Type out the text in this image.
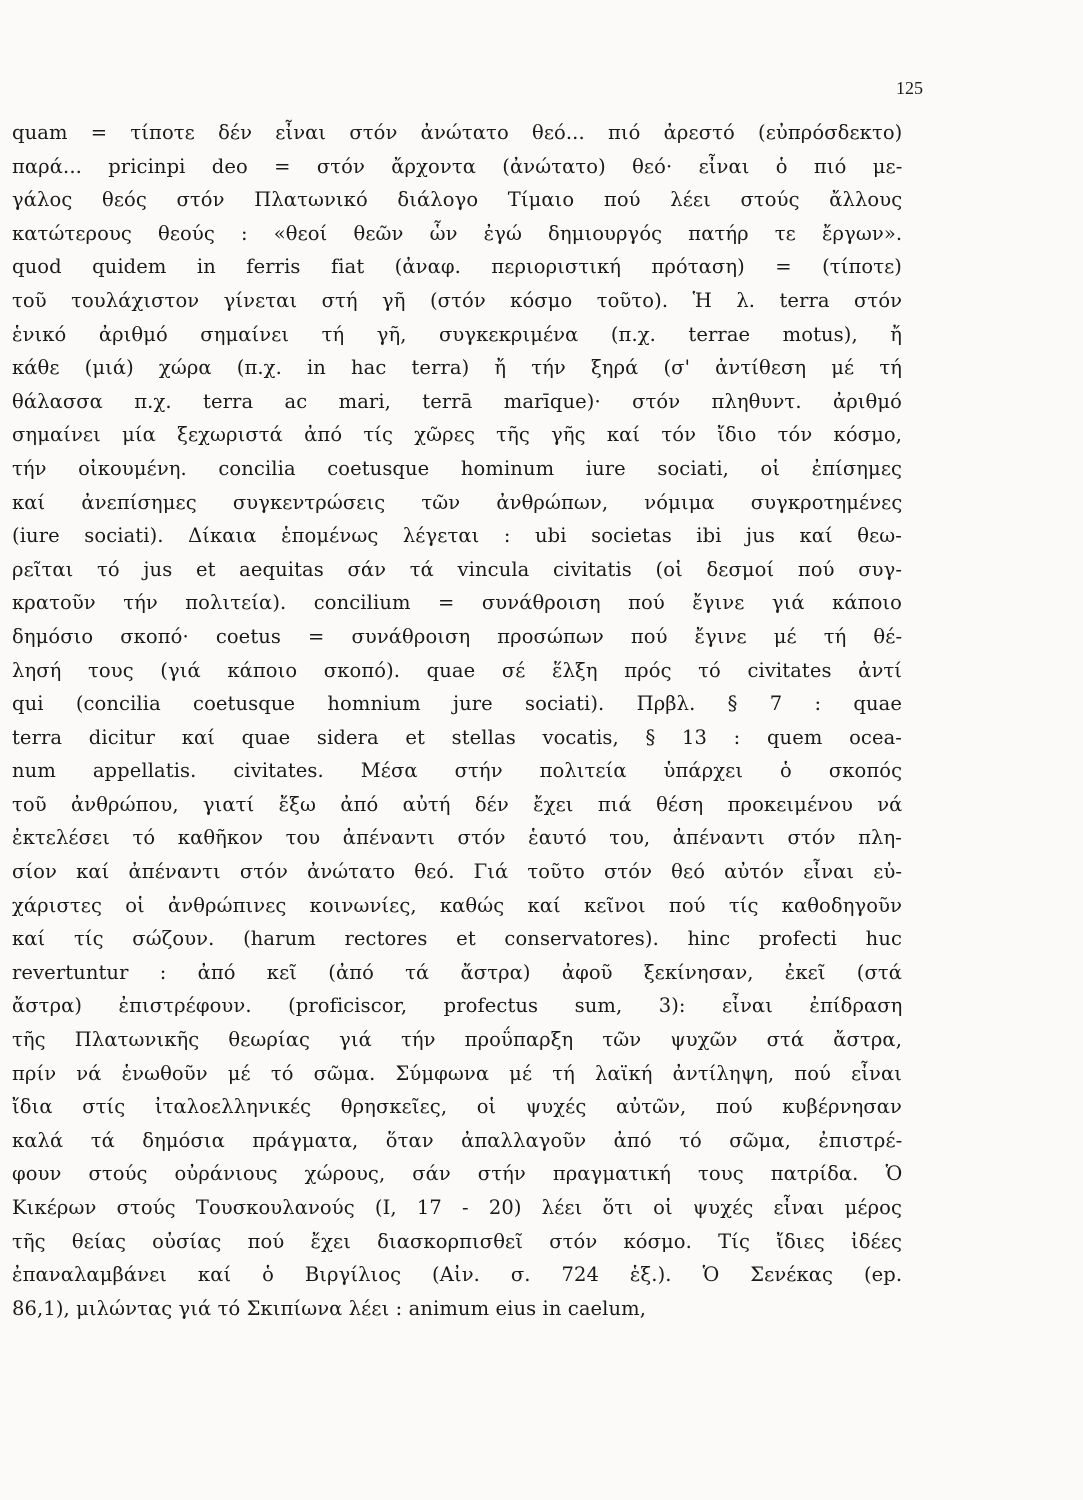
125
quam = τίποτε δέν εἶναι στόν ἀνώτατο θεό... πιό ἀρεστό (εὐπρόσδεκτο)
παρά... pricinpi deo = στόν ἄρχοντα (ἀνώτατο) θεό· εἶναι ὁ πιό με-
γάλος θεός στόν Πλατωνικό διάλογο Τίμαιο πού λέει στούς ἄλλους
κατώτερους θεούς : «θεοί θεῶν ὧν ἐγώ δημιουργός πατήρ τε ἔργων».
quod quidem in ferris fiat (ἀναφ. περιοριστική πρόταση) = (τίποτε)
τοῦ τουλάχιστον γίνεται στή γῆ (στόν κόσμο τοῦτο). Ἡ λ. terra στόν
ἑνικό ἀριθμό σημαίνει τή γῆ, συγκεκριμένα (π.χ. terrae motus), ἤ
κάθε (μιά) χώρα (π.χ. in hac terra) ἤ τήν ξηρά (σ' ἀντίθεση μέ τή
θάλασσα π.χ. terra ac mari, terrā marīque)· στόν πληθυντ. ἀριθμό
σημαίνει μία ξεχωριστά ἀπό τίς χῶρες τῆς γῆς καί τόν ἴδιο τόν κόσμο,
τήν οἰκουμένη. concilia coetusque hominum iure sociati, οἱ ἐπίσημες
καί ἀνεπίσημες συγκεντρώσεις τῶν ἀνθρώπων, νόμιμα συγκροτημένες
(iure sociati). Δίκαια ἑπομένως λέγεται : ubi societas ibi jus καί θεω-
ρεῖται τό jus et aequitas σάν τά vincula civitatis (οἱ δεσμοί πού συγ-
κρατοῦν τήν πολιτεία). concilium = συνάθροιση πού ἔγινε γιά κάποιο
δημόσιο σκοπό· coetus = συνάθροιση προσώπων πού ἔγινε μέ τή θέ-
λησή τους (γιά κάποιο σκοπό). quae σέ ἕλξη πρός τό civitates ἀντί
qui (concilia coetusque homnium jure sociati). Πρβλ. § 7 : quae
terra dicitur καί quae sidera et stellas vocatis, § 13 : quem ocea-
num appellatis. civitates. Μέσα στήν πολιτεία ὑπάρχει ὁ σκοπός
τοῦ ἀνθρώπου, γιατί ἔξω ἀπό αὐτή δέν ἔχει πιά θέση προκειμένου νά
ἐκτελέσει τό καθῆκον του ἀπέναντι στόν ἑαυτό του, ἀπέναντι στόν πλη-
σίον καί ἀπέναντι στόν ἀνώτατο θεό. Γιά τοῦτο στόν θεό αὐτόν εἶναι εὐ-
χάριστες οἱ ἀνθρώπινες κοινωνίες, καθώς καί κεῖνοι πού τίς καθοδηγοῦν
καί τίς σώζουν. (harum rectores et conservatores). hinc profecti huc
revertuntur : ἀπό κεῖ (ἀπό τά ἄστρα) ἀφοῦ ξεκίνησαν, ἐκεῖ (στά
ἄστρα) ἐπιστρέφουν. (proficiscor, profectus sum, 3): εἶναι ἐπίδραση
τῆς Πλατωνικῆς θεωρίας γιά τήν προΰπαρξη τῶν ψυχῶν στά ἄστρα,
πρίν νά ἑνωθοῦν μέ τό σῶμα. Σύμφωνα μέ τή λαϊκή ἀντίληψη, πού εἶναι
ἴδια στίς ἰταλοελληνικές θρησκεῖες, οἱ ψυχές αὐτῶν, πού κυβέρνησαν
καλά τά δημόσια πράγματα, ὅταν ἀπαλλαγοῦν ἀπό τό σῶμα, ἐπιστρέ-
φουν στούς οὐράνιους χώρους, σάν στήν πραγματική τους πατρίδα. Ὁ
Κικέρων στούς Τουσκουλανούς (I, 17 - 20) λέει ὅτι οἱ ψυχές εἶναι μέρος
τῆς θείας οὐσίας πού ἔχει διασκορπισθεῖ στόν κόσμο. Τίς ἴδιες ἰδέες
ἐπαναλαμβάνει καί ὁ Βιργίλιος (Αἰν. σ. 724 ἑξ.). Ὁ Σενέκας (ep.
86,1), μιλώντας γιά τό Σκιπίωνα λέει : animum eius in caelum,
